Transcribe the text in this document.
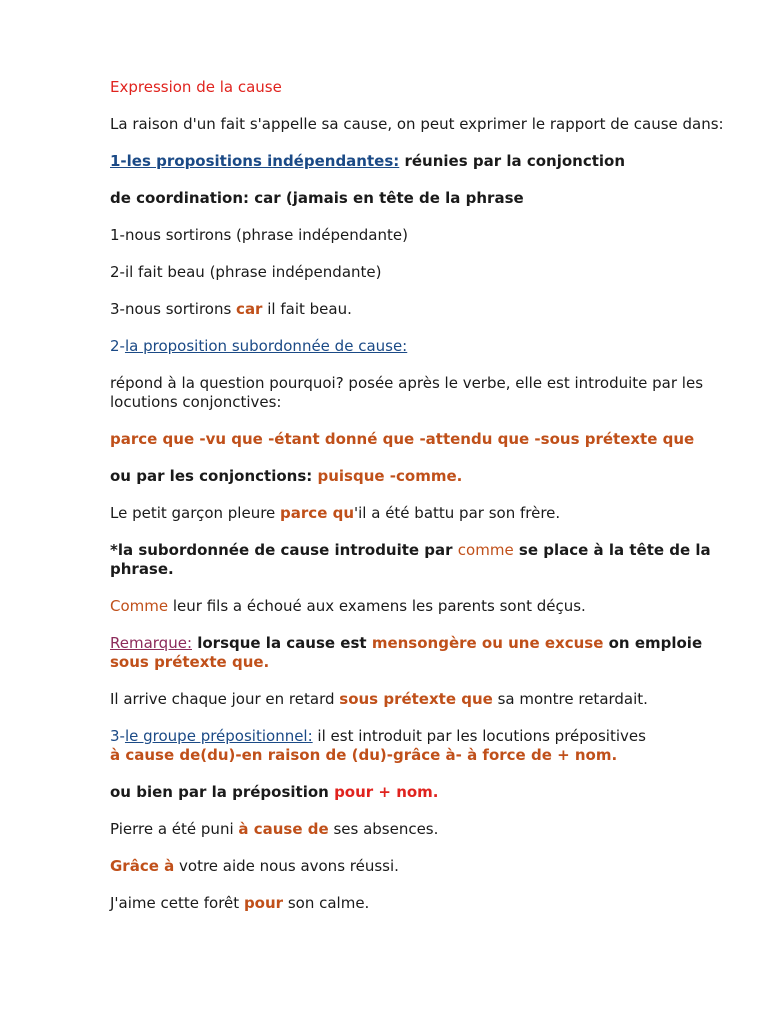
Expression de la cause
La raison d'un fait s'appelle sa cause, on peut exprimer le rapport de cause dans:
1-les propositions indépendantes: réunies par la conjonction
de coordination: car (jamais en tête de la phrase
1-nous sortirons (phrase indépendante)
2-il fait beau (phrase indépendante)
3-nous sortirons car il fait beau.
2-la proposition subordonnée de cause:
répond à la question pourquoi? posée après le verbe, elle est introduite par les locutions conjonctives:
parce que -vu que -étant donné que -attendu que -sous prétexte que
ou par les conjonctions: puisque -comme.
Le petit garçon pleure parce qu'il a été battu par son frère.
*la subordonnée de cause introduite par comme se place à la tête de la phrase.
Comme leur fils a échoué aux examens les parents sont déçus.
Remarque: lorsque la cause est mensongère ou une excuse on emploie sous prétexte que.
Il arrive chaque jour en retard sous prétexte que sa montre retardait.
3-le groupe prépositionnel: il est introduit par les locutions prépositives
à cause de(du)-en raison de (du)-grâce à- à force de + nom.
ou bien par la préposition pour + nom.
Pierre a été puni à cause de ses absences.
Grâce à votre aide nous avons réussi.
J'aime cette forêt pour son calme.
